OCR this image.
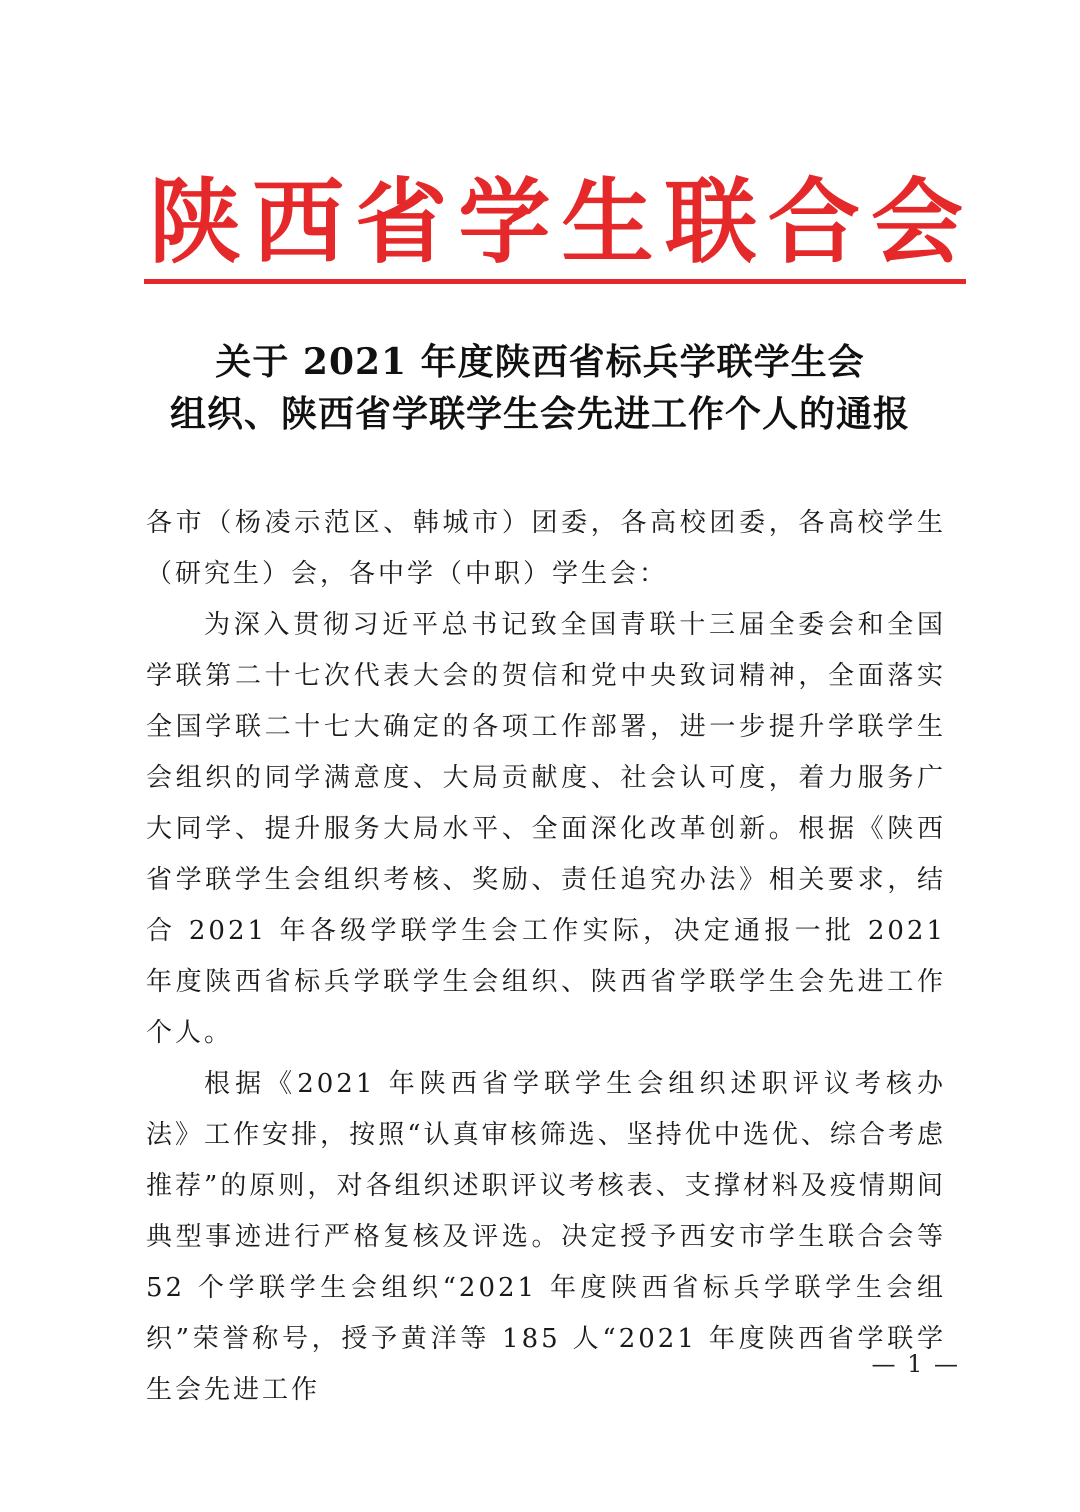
陕 西 省 学 生 联 合 会
关于 2021 年度陕西省标兵学联学生会
组织、陕西省学联学生会先进工作个人的通报

各市（杨凌示范区、韩城市）团委，各高校团委，各高校学生（研究生）会，各中学（中职）学生会：

为深入贯彻习近平总书记致全国青联十三届全委会和全国学联第二十七次代表大会的贺信和党中央致词精神，全面落实全国学联二十七大确定的各项工作部署，进一步提升学联学生会组织的同学满意度、大局贡献度、社会认可度，着力服务广大同学、提升服务大局水平、全面深化改革创新。根据《陕西省学联学生会组织考核、奖励、责任追究办法》相关要求，结合 2021 年各级学联学生会工作实际，决定通报一批 2021 年度陕西省标兵学联学生会组织、陕西省学联学生会先进工作个人。

根据《2021 年陕西省学联学生会组织述职评议考核办法》工作安排，按照“认真审核筛选、坚持优中选优、综合考虑推荐”的原则，对各组织述职评议考核表、支撑材料及疫情期间典型事迹进行严格复核及评选。决定授予西安市学生联合会等 52 个学联学生会组织“2021 年度陕西省标兵学联学生会组织”荣誉称号，授予黄洋等 185 人“2021 年度陕西省学联学生会先进工作

— 1 —
